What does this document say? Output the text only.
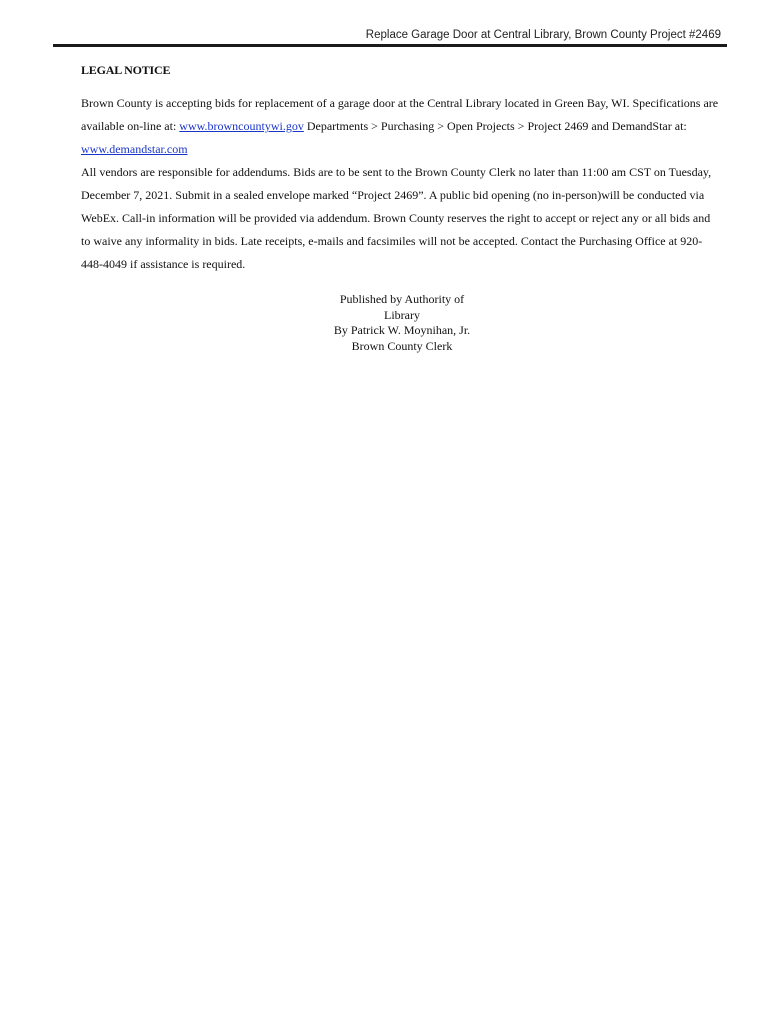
Replace Garage Door at Central Library, Brown County Project #2469
LEGAL NOTICE

Brown County is accepting bids for replacement of a garage door at the Central Library located in Green Bay, WI. Specifications are available on-line at: www.browncountywi.gov Departments > Purchasing > Open Projects > Project 2469 and DemandStar at: www.demandstar.com

All vendors are responsible for addendums. Bids are to be sent to the Brown County Clerk no later than 11:00 am CST on Tuesday, December 7, 2021. Submit in a sealed envelope marked “Project 2469”. A public bid opening (no in-person)will be conducted via WebEx. Call-in information will be provided via addendum. Brown County reserves the right to accept or reject any or all bids and to waive any informality in bids. Late receipts, e-mails and facsimiles will not be accepted. Contact the Purchasing Office at 920-448-4049 if assistance is required.

Published by Authority of
Library
By Patrick W. Moynihan, Jr.
Brown County Clerk
